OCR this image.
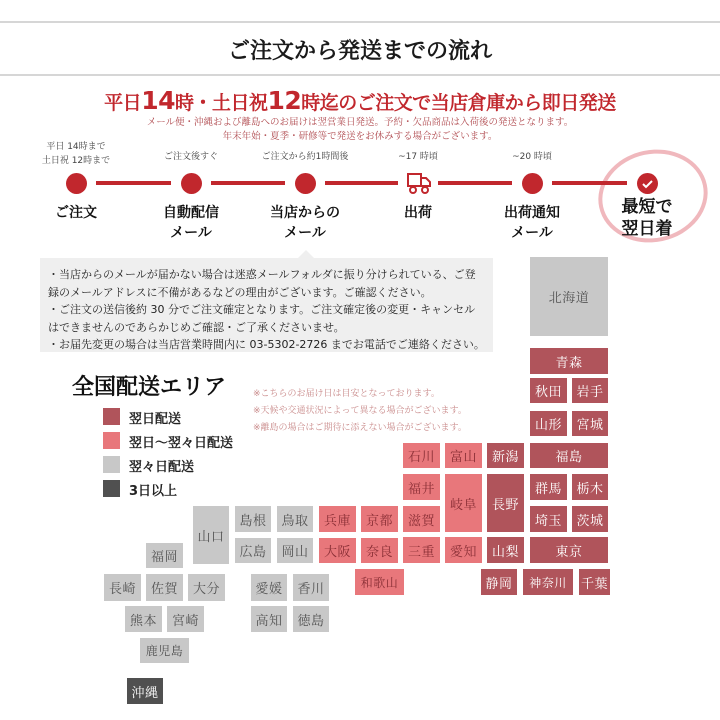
ご注文から発送までの流れ
平日14時・土日祝12時迄のご注文で当店倉庫から即日発送
メール便・沖縄および離島へのお届けは翌営業日発送。予約・欠品商品は入荷後の発送となります。
年末年始・夏季・研修等で発送をお休みする場合がございます。
平日 14時まで
土日祝 12時まで
ご注文
ご注文後すぐ
自動配信
メール
ご注文から約1時間後
当店からの
メール
~17 時頃
出荷
~20 時頃
出荷通知
メール
最短で
翌日着
・当店からのメールが届かない場合は迷惑メールフォルダに振り分けられている、ご登録のメールアドレスに不備があるなどの理由がございます。ご確認ください。
・ご注文の送信後約 30 分でご注文確定となります。ご注文確定後の変更・キャンセルはできませんのであらかじめご確認・ご了承くださいませ。
・お届先変更の場合は当店営業時間内に 03-5302-2726 までお電話でご連絡ください。
全国配送エリア
翌日配送
翌日～翌々日配送
翌々日配送
3日以上
※こちらのお届け日は目安となっております。
※天候や交通状況によって異なる場合がございます。
※離島の場合はご期待に添えない場合がございます。
北海道
青森
秋田	岩手
山形	宮城
石川	富山	新潟	福島
福井
岐阜	長野
群馬	栃木
滋賀	埼玉	茨城
三重	愛知	山梨	東京
静岡	神奈川	千葉
山口
島根	鳥取	兵庫	京都
広島	岡山	大阪	奈良
和歌山
福岡
長崎	佐賀	大分	愛媛	香川
熊本	宮崎	高知	徳島
鹿児島
沖縄
